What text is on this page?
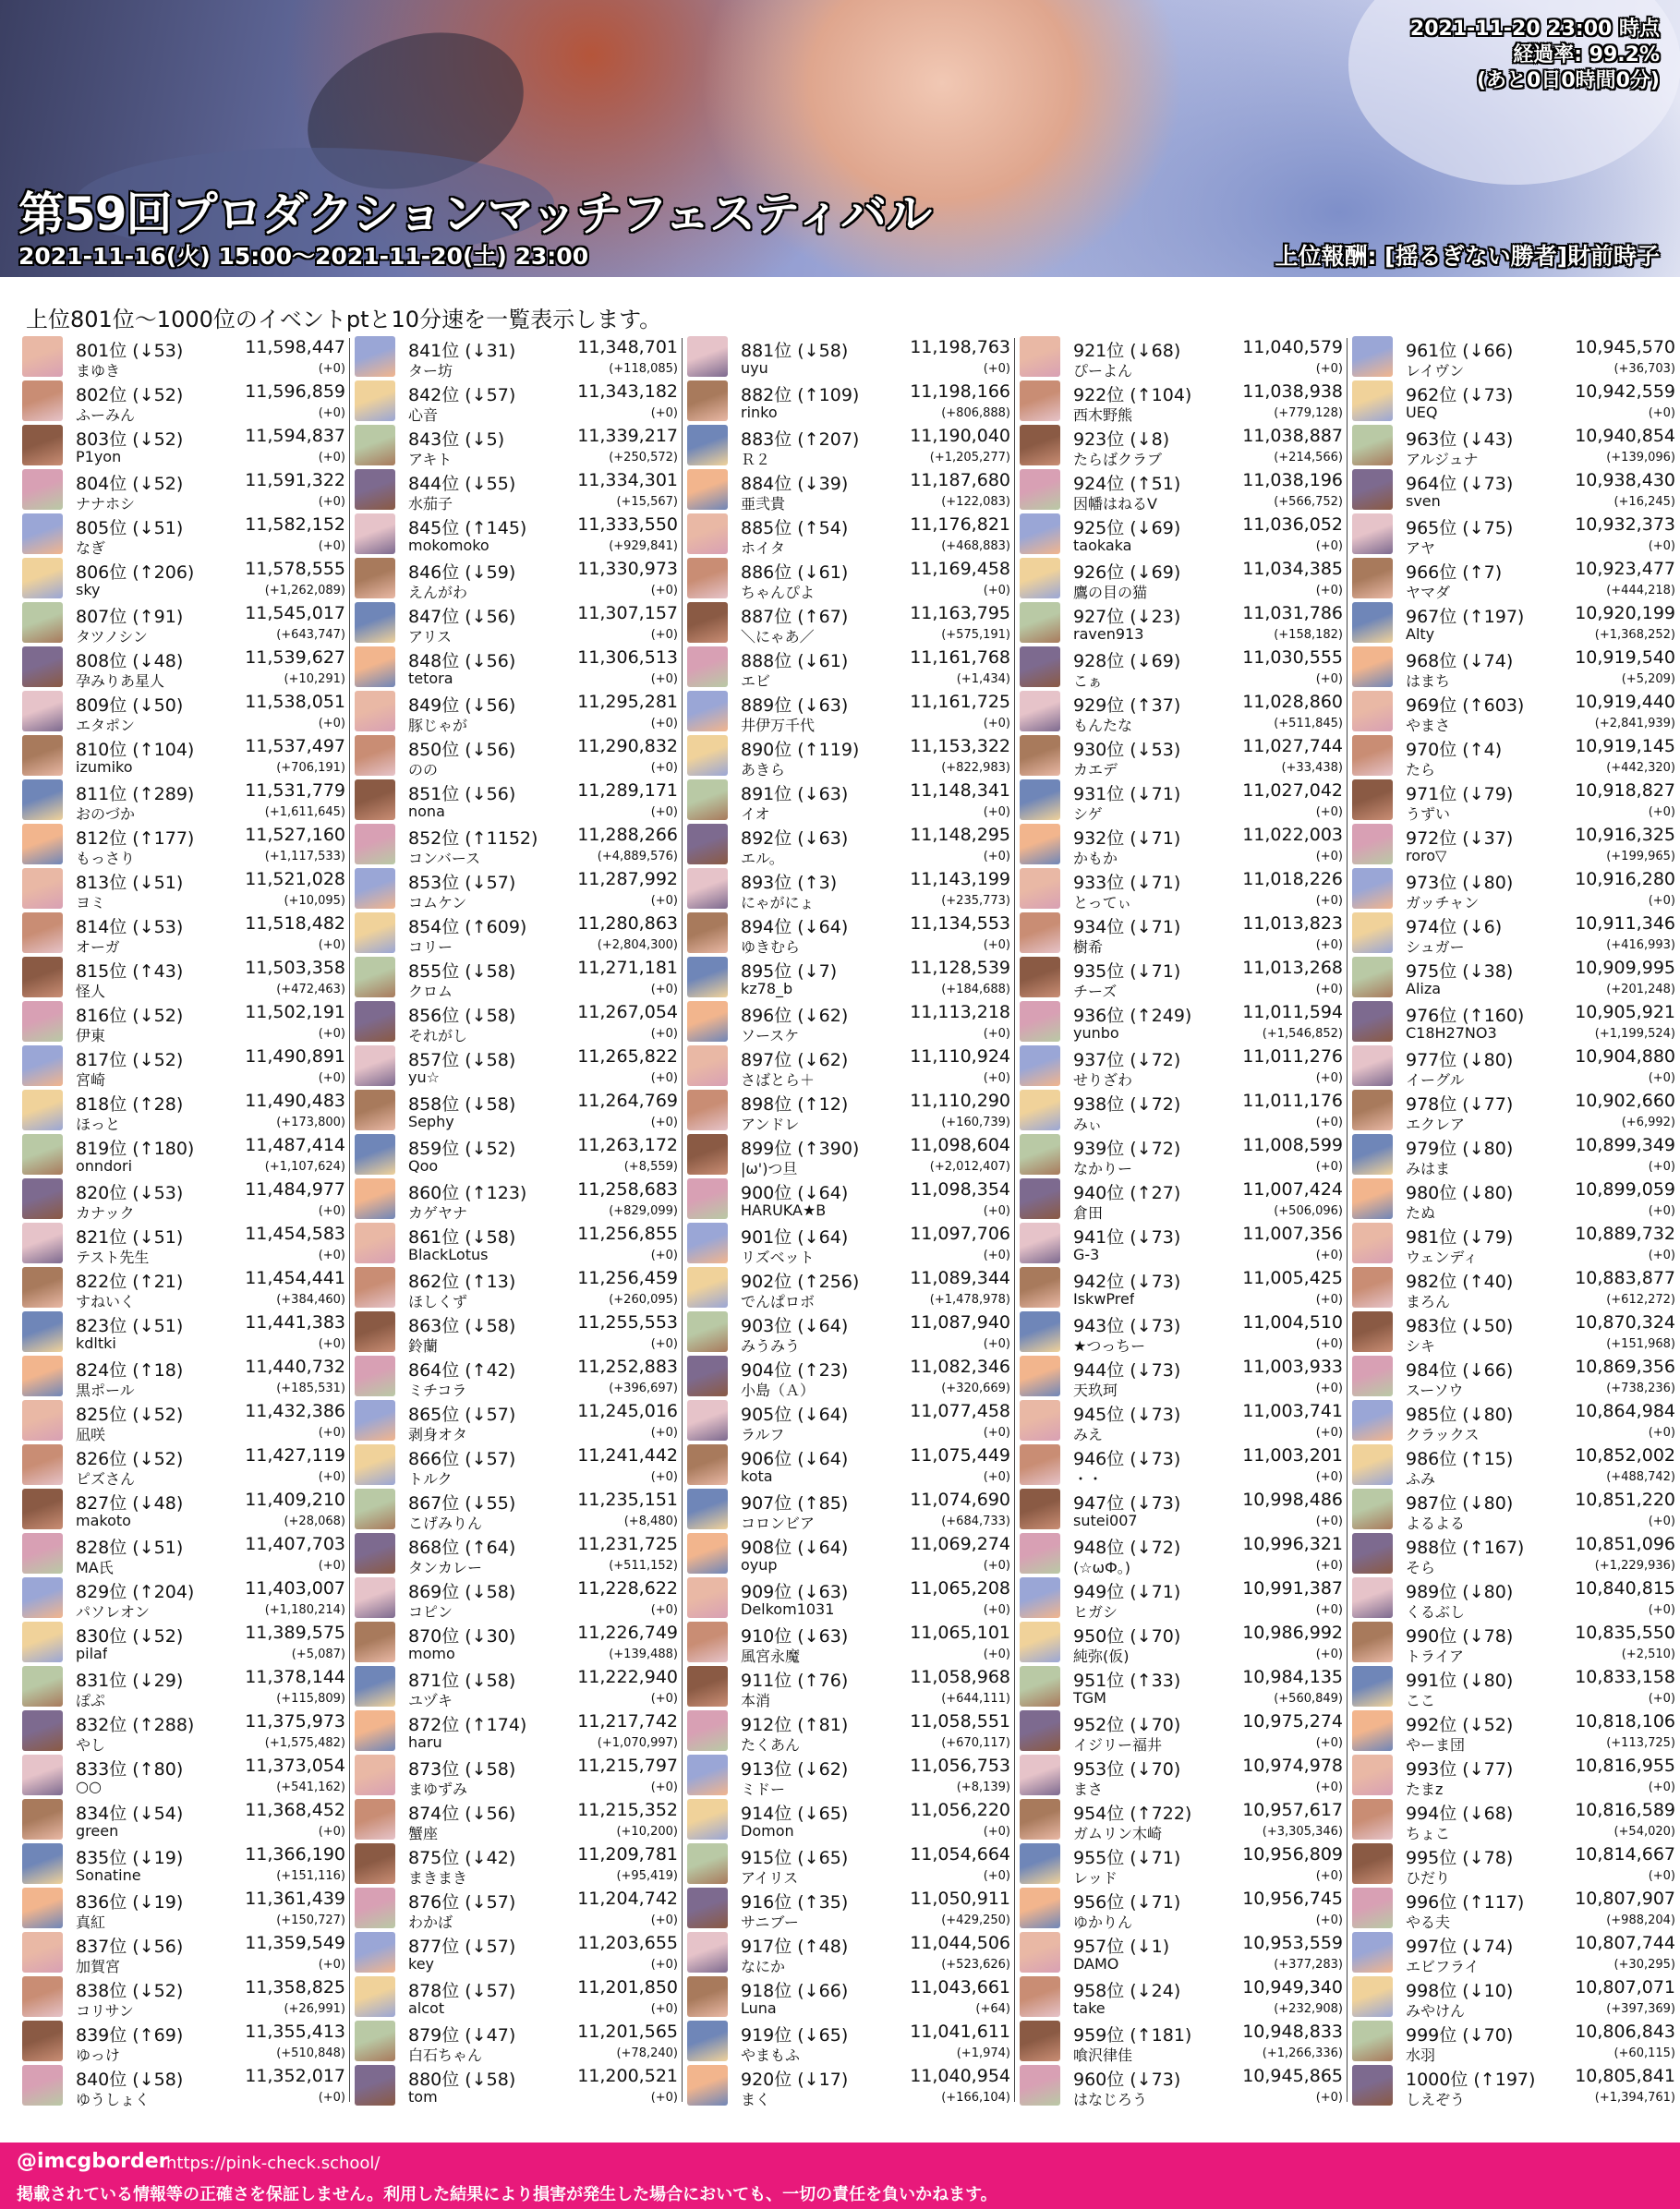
第59回プロダクションマッチフェスティバル
2021-11-16(火) 15:00～2021-11-20(土) 23:00	上位報酬: [揺るぎない勝者]財前時子
2021-11-20 23:00 時点
経過率: 99.2%
(あと0日0時間0分)
上位801位～1000位のイベントptと10分速を一覧表示します。
801位 (↓53)	11,598,447
まゆき	(+0)
802位 (↓52)	11,596,859
ふーみん	(+0)
803位 (↓52)	11,594,837
P1yon	(+0)
804位 (↓52)	11,591,322
ナナホシ	(+0)
805位 (↓51)	11,582,152
なぎ	(+0)
806位 (↑206)	11,578,555
sky	(+1,262,089)
807位 (↑91)	11,545,017
タツノシン	(+643,747)
808位 (↓48)	11,539,627
孕みりあ星人	(+10,291)
809位 (↓50)	11,538,051
エタポン	(+0)
810位 (↑104)	11,537,497
izumiko	(+706,191)
811位 (↑289)	11,531,779
おのづか	(+1,611,645)
812位 (↑177)	11,527,160
もっさり	(+1,117,533)
813位 (↓51)	11,521,028
ヨミ	(+10,095)
814位 (↓53)	11,518,482
オーガ	(+0)
815位 (↑43)	11,503,358
怪人	(+472,463)
816位 (↓52)	11,502,191
伊東	(+0)
817位 (↓52)	11,490,891
宮崎	(+0)
818位 (↑28)	11,490,483
ほっと	(+173,800)
819位 (↑180)	11,487,414
onndori	(+1,107,624)
820位 (↓53)	11,484,977
カナック	(+0)
821位 (↓51)	11,454,583
テスト先生	(+0)
822位 (↑21)	11,454,441
すねいく	(+384,460)
823位 (↓51)	11,441,383
kdltki	(+0)
824位 (↑18)	11,440,732
黒ポール	(+185,531)
825位 (↓52)	11,432,386
凪咲	(+0)
826位 (↓52)	11,427,119
ピズさん	(+0)
827位 (↓48)	11,409,210
makoto	(+28,068)
828位 (↓51)	11,407,703
MA氏	(+0)
829位 (↑204)	11,403,007
パソレオン	(+1,180,214)
830位 (↓52)	11,389,575
pilaf	(+5,087)
831位 (↓29)	11,378,144
ぽぷ	(+115,809)
832位 (↑288)	11,375,973
やし	(+1,575,482)
833位 (↑80)	11,373,054
○○	(+541,162)
834位 (↓54)	11,368,452
green	(+0)
835位 (↓19)	11,366,190
Sonatine	(+151,116)
836位 (↓19)	11,361,439
真紅	(+150,727)
837位 (↓56)	11,359,549
加賀宮	(+0)
838位 (↓52)	11,358,825
コリサン	(+26,991)
839位 (↑69)	11,355,413
ゆっけ	(+510,848)
840位 (↓58)	11,352,017
ゆうしょく	(+0)
841位 (↓31)	11,348,701
ター坊	(+118,085)
842位 (↓57)	11,343,182
心音	(+0)
843位 (↓5)	11,339,217
アキト	(+250,572)
844位 (↓55)	11,334,301
水茄子	(+15,567)
845位 (↑145)	11,333,550
mokomoko	(+929,841)
846位 (↓59)	11,330,973
えんがわ	(+0)
847位 (↓56)	11,307,157
アリス	(+0)
848位 (↓56)	11,306,513
tetora	(+0)
849位 (↓56)	11,295,281
豚じゃが	(+0)
850位 (↓56)	11,290,832
のの	(+0)
851位 (↓56)	11,289,171
nona	(+0)
852位 (↑1152) 11,288,266
コンバース	(+4,889,576)
853位 (↓57)	11,287,992
コムケン	(+0)
854位 (↑609)	11,280,863
コリー	(+2,804,300)
855位 (↓58)	11,271,181
クロム	(+0)
856位 (↓58)	11,267,054
それがし	(+0)
857位 (↓58)	11,265,822
yu☆	(+0)
858位 (↓58)	11,264,769
Sephy	(+0)
859位 (↓52)	11,263,172
Qoo	(+8,559)
860位 (↑123)	11,258,683
カゲヤナ	(+829,099)
861位 (↓58)	11,256,855
BlackLotus	(+0)
862位 (↑13)	11,256,459
ほしくず	(+260,095)
863位 (↓58)	11,255,553
鈴蘭	(+0)
864位 (↑42)	11,252,883
ミチコラ	(+396,697)
865位 (↓57)	11,245,016
剥身オタ	(+0)
866位 (↓57)	11,241,442
トルク	(+0)
867位 (↓55)	11,235,151
こげみりん	(+8,480)
868位 (↑64)	11,231,725
タンカレー	(+511,152)
869位 (↓58)	11,228,622
コピン	(+0)
870位 (↓30)	11,226,749
momo	(+139,488)
871位 (↓58)	11,222,940
ユヅキ	(+0)
872位 (↑174)	11,217,742
haru	(+1,070,997)
873位 (↓58)	11,215,797
まゆずみ	(+0)
874位 (↓56)	11,215,352
蟹座	(+10,200)
875位 (↓42)	11,209,781
まきまき	(+95,419)
876位 (↓57)	11,204,742
わかば	(+0)
877位 (↓57)	11,203,655
key	(+0)
878位 (↓57)	11,201,850
alcot	(+0)
879位 (↓47)	11,201,565
白石ちゃん	(+78,240)
880位 (↓58)	11,200,521
tom	(+0)
881位 (↓58)	11,198,763
uyu	(+0)
882位 (↑109)	11,198,166
rinko	(+806,888)
883位 (↑207)	11,190,040
Ｒ２	(+1,205,277)
884位 (↓39)	11,187,680
亜弐貴	(+122,083)
885位 (↑54)	11,176,821
ホイタ	(+468,883)
886位 (↓61)	11,169,458
ちゃんぴよ	(+0)
887位 (↑67)	11,163,795
＼にゃあ／	(+575,191)
888位 (↓61)	11,161,768
エビ	(+1,434)
889位 (↓63)	11,161,725
井伊万千代	(+0)
890位 (↑119)	11,153,322
あきら	(+822,983)
891位 (↓63)	11,148,341
イオ	(+0)
892位 (↓63)	11,148,295
エル。	(+0)
893位 (↑3)	11,143,199
にゃがにょ	(+235,773)
894位 (↓64)	11,134,553
ゆきむら	(+0)
895位 (↓7)	11,128,539
kz78_b	(+184,688)
896位 (↓62)	11,113,218
ソースケ	(+0)
897位 (↓62)	11,110,924
さばとら＋	(+0)
898位 (↑12)	11,110,290
アンドレ	(+160,739)
899位 (↑390)	11,098,604
|ω')つ旦	(+2,012,407)
900位 (↓64)	11,098,354
HARUKA★B	(+0)
901位 (↓64)	11,097,706
リズベット	(+0)
902位 (↑256)	11,089,344
でんぱロボ	(+1,478,978)
903位 (↓64)	11,087,940
みうみう	(+0)
904位 (↑23)	11,082,346
小島（Ａ）	(+320,669)
905位 (↓64)	11,077,458
ラルフ	(+0)
906位 (↓64)	11,075,449
kota	(+0)
907位 (↑85)	11,074,690
コロンビア	(+684,733)
908位 (↓64)	11,069,274
oyup	(+0)
909位 (↓63)	11,065,208
Delkom1031	(+0)
910位 (↓63)	11,065,101
風宮永魔	(+0)
911位 (↑76)	11,058,968
本消	(+644,111)
912位 (↑81)	11,058,551
たくあん	(+670,117)
913位 (↓62)	11,056,753
ミドー	(+8,139)
914位 (↓65)	11,056,220
Domon	(+0)
915位 (↓65)	11,054,664
アイリス	(+0)
916位 (↑35)	11,050,911
サニブー	(+429,250)
917位 (↑48)	11,044,506
なにか	(+523,626)
918位 (↓66)	11,043,661
Luna	(+64)
919位 (↓65)	11,041,611
やまもふ	(+1,974)
920位 (↓17)	11,040,954
まく	(+166,104)
921位 (↓68)	11,040,579
ぴーよん	(+0)
922位 (↑104)	11,038,938
西木野熊	(+779,128)
923位 (↓8)	11,038,887
たらばクラブ	(+214,566)
924位 (↑51)	11,038,196
因幡はねるV	(+566,752)
925位 (↓69)	11,036,052
taokaka	(+0)
926位 (↓69)	11,034,385
鷹の目の猫	(+0)
927位 (↓23)	11,031,786
raven913	(+158,182)
928位 (↓69)	11,030,555
こぁ	(+0)
929位 (↑37)	11,028,860
もんたな	(+511,845)
930位 (↓53)	11,027,744
カエデ	(+33,438)
931位 (↓71)	11,027,042
シゲ	(+0)
932位 (↓71)	11,022,003
かもか	(+0)
933位 (↓71)	11,018,226
とってぃ	(+0)
934位 (↓71)	11,013,823
樹希	(+0)
935位 (↓71)	11,013,268
チーズ	(+0)
936位 (↑249)	11,011,594
yunbo	(+1,546,852)
937位 (↓72)	11,011,276
せりざわ	(+0)
938位 (↓72)	11,011,176
みぃ	(+0)
939位 (↓72)	11,008,599
なかりー	(+0)
940位 (↑27)	11,007,424
倉田	(+506,096)
941位 (↓73)	11,007,356
G-3	(+0)
942位 (↓73)	11,005,425
IskwPref	(+0)
943位 (↓73)	11,004,510
★つっちー	(+0)
944位 (↓73)	11,003,933
天玖珂	(+0)
945位 (↓73)	11,003,741
みえ	(+0)
946位 (↓73)	11,003,201
・・	(+0)
947位 (↓73)	10,998,486
sutei007	(+0)
948位 (↓72)	10,996,321
(☆ωФ。)	(+0)
949位 (↓71)	10,991,387
ヒガシ	(+0)
950位 (↓70)	10,986,992
純弥(仮)	(+0)
951位 (↑33)	10,984,135
TGM	(+560,849)
952位 (↓70)	10,975,274
イジリー福井	(+0)
953位 (↓70)	10,974,978
まさ	(+0)
954位 (↑722)	10,957,617
ガムリン木崎	(+3,305,346)
955位 (↓71)	10,956,809
レッド	(+0)
956位 (↓71)	10,956,745
ゆかりん	(+0)
957位 (↓1)	10,953,559
DAMO	(+377,283)
958位 (↓24)	10,949,340
take	(+232,908)
959位 (↑181)	10,948,833
喰沢律佳	(+1,266,336)
960位 (↓73)	10,945,865
はなじろう	(+0)
961位 (↓66)	10,945,570
レイヴン	(+36,703)
962位 (↓73)	10,942,559
UEQ	(+0)
963位 (↓43)	10,940,854
アルジュナ	(+139,096)
964位 (↓73)	10,938,430
sven	(+16,245)
965位 (↓75)	10,932,373
アヤ	(+0)
966位 (↑7)	10,923,477
ヤマダ	(+444,218)
967位 (↑197)	10,920,199
Alty	(+1,368,252)
968位 (↓74)	10,919,540
はまち	(+5,209)
969位 (↑603)	10,919,440
やまさ	(+2,841,939)
970位 (↑4)	10,919,145
たら	(+442,320)
971位 (↓79)	10,918,827
うずい	(+0)
972位 (↓37)	10,916,325
roro▽	(+199,965)
973位 (↓80)	10,916,280
ガッチャン	(+0)
974位 (↓6)	10,911,346
シュガー	(+416,993)
975位 (↓38)	10,909,995
Aliza	(+201,248)
976位 (↑160)	10,905,921
C18H27NO3	(+1,199,524)
977位 (↓80)	10,904,880
イーグル	(+0)
978位 (↓77)	10,902,660
エクレア	(+6,992)
979位 (↓80)	10,899,349
みはま	(+0)
980位 (↓80)	10,899,059
たぬ	(+0)
981位 (↓79)	10,889,732
ウェンディ	(+0)
982位 (↑40)	10,883,877
まろん	(+612,272)
983位 (↓50)	10,870,324
シキ	(+151,968)
984位 (↓66)	10,869,356
スーソウ	(+738,236)
985位 (↓80)	10,864,984
クラックス	(+0)
986位 (↑15)	10,852,002
ふみ	(+488,742)
987位 (↓80)	10,851,220
よるよる	(+0)
988位 (↑167)	10,851,096
そら	(+1,229,936)
989位 (↓80)	10,840,815
くるぶし	(+0)
990位 (↓78)	10,835,550
トライア	(+2,510)
991位 (↓80)	10,833,158
ここ	(+0)
992位 (↓52)	10,818,106
やーま団	(+113,725)
993位 (↓77)	10,816,955
たまz	(+0)
994位 (↓68)	10,816,589
ちょこ	(+54,020)
995位 (↓78)	10,814,667
ひだり	(+0)
996位 (↑117)	10,807,907
やる夫	(+988,204)
997位 (↓74)	10,807,744
エビフライ	(+30,295)
998位 (↓10)	10,807,071
みやけん	(+397,369)
999位 (↓70)	10,806,843
水羽	(+60,115)
1000位 (↑197) 10,805,841
しえぞう	(+1,394,761)
@imcgborder
https://pink-check.school/
掲載されている情報等の正確さを保証しません。利用した結果により損害が発生した場合においても、一切の責任を負いかねます。
